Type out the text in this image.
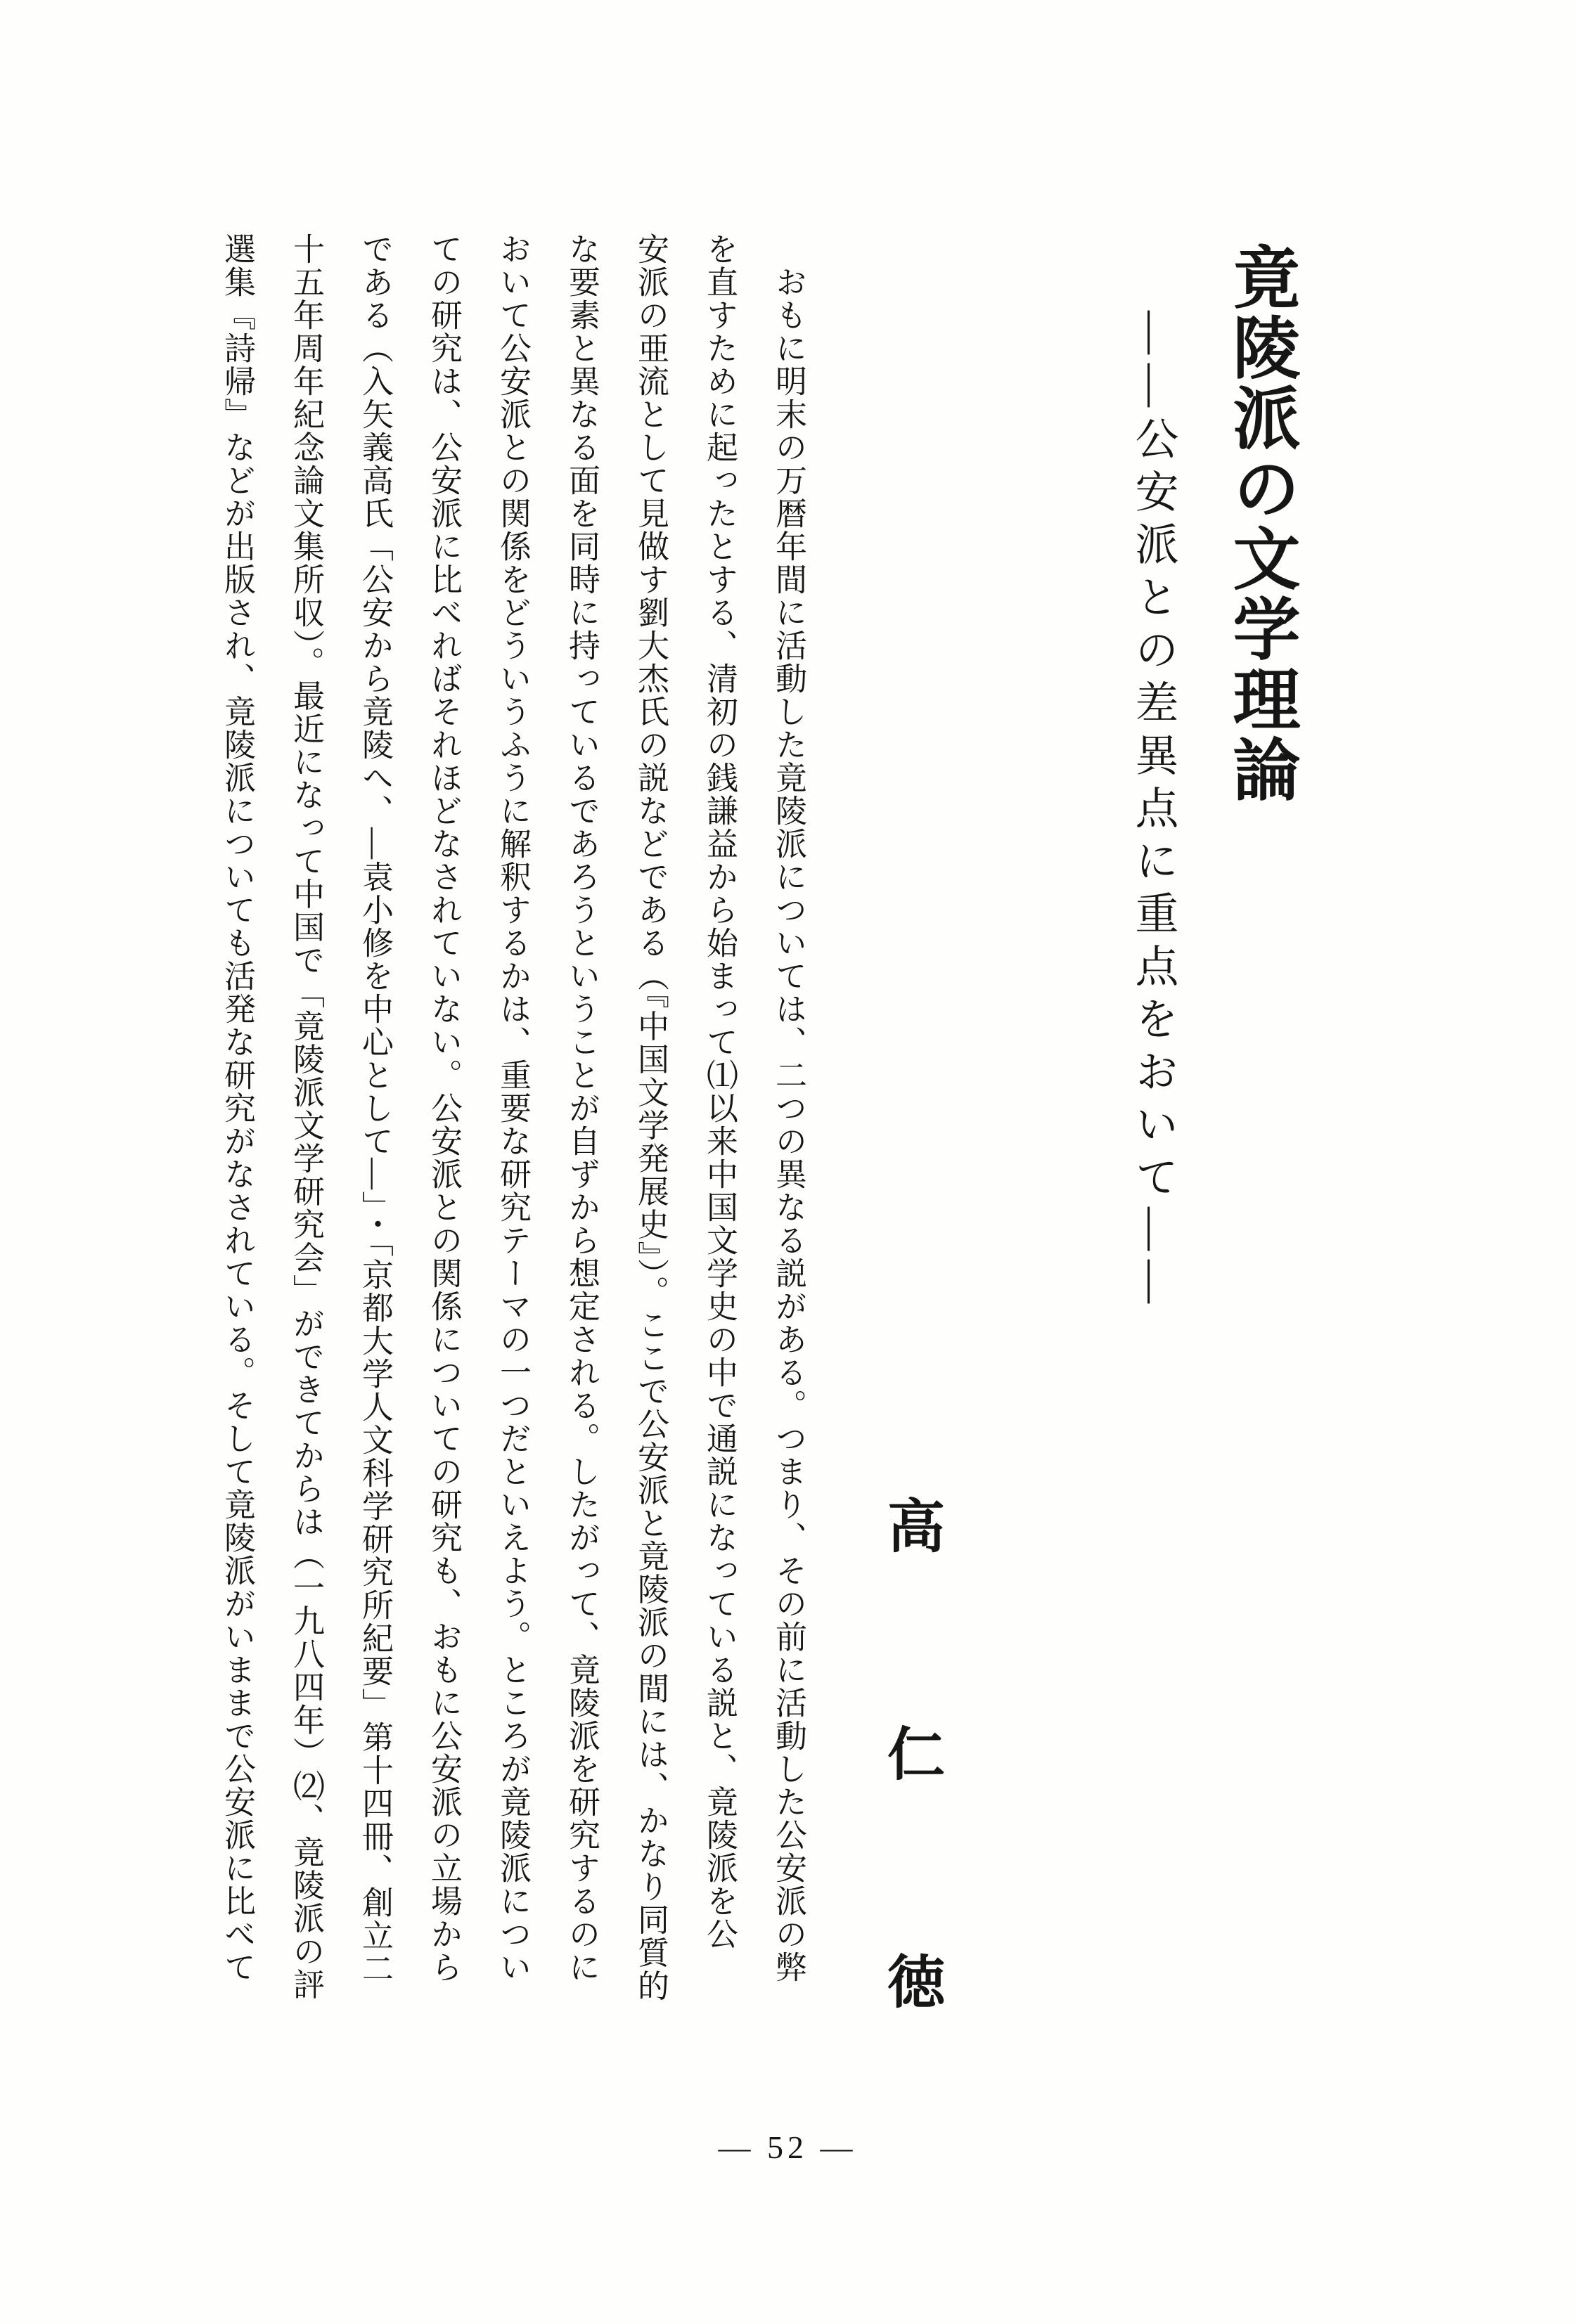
竟陵派の文学理論
――公安派との差異点に重点をおいて――
高
仁
徳
　おもに明末の万暦年間に活動した竟陵派については、二つの異なる説がある。つまり、その前に活動した公安派の弊
を直すために起ったとする、清初の銭謙益から始まって⑴以来中国文学史の中で通説になっている説と、竟陵派を公
安派の亜流として見做す劉大杰氏の説などである（『中国文学発展史』）。ここで公安派と竟陵派の間には、かなり同質的
な要素と異なる面を同時に持っているであろうということが自ずから想定される。したがって、竟陵派を研究するのに
おいて公安派との関係をどういうふうに解釈するかは、重要な研究テーマの一つだといえよう。ところが竟陵派につい
ての研究は、公安派に比べればそれほどなされていない。公安派との関係についての研究も、おもに公安派の立場から
である（入矢義高氏「公安から竟陵へ、―袁小修を中心として―」・「京都大学人文科学研究所紀要」第十四冊、創立二
十五年周年紀念論文集所収）。最近になって中国で「竟陵派文学研究会」ができてからは（一九八四年）⑵、竟陵派の評
選集『詩帰』などが出版され、竟陵派についても活発な研究がなされている。そして竟陵派がいままで公安派に比べて
— 52 —
